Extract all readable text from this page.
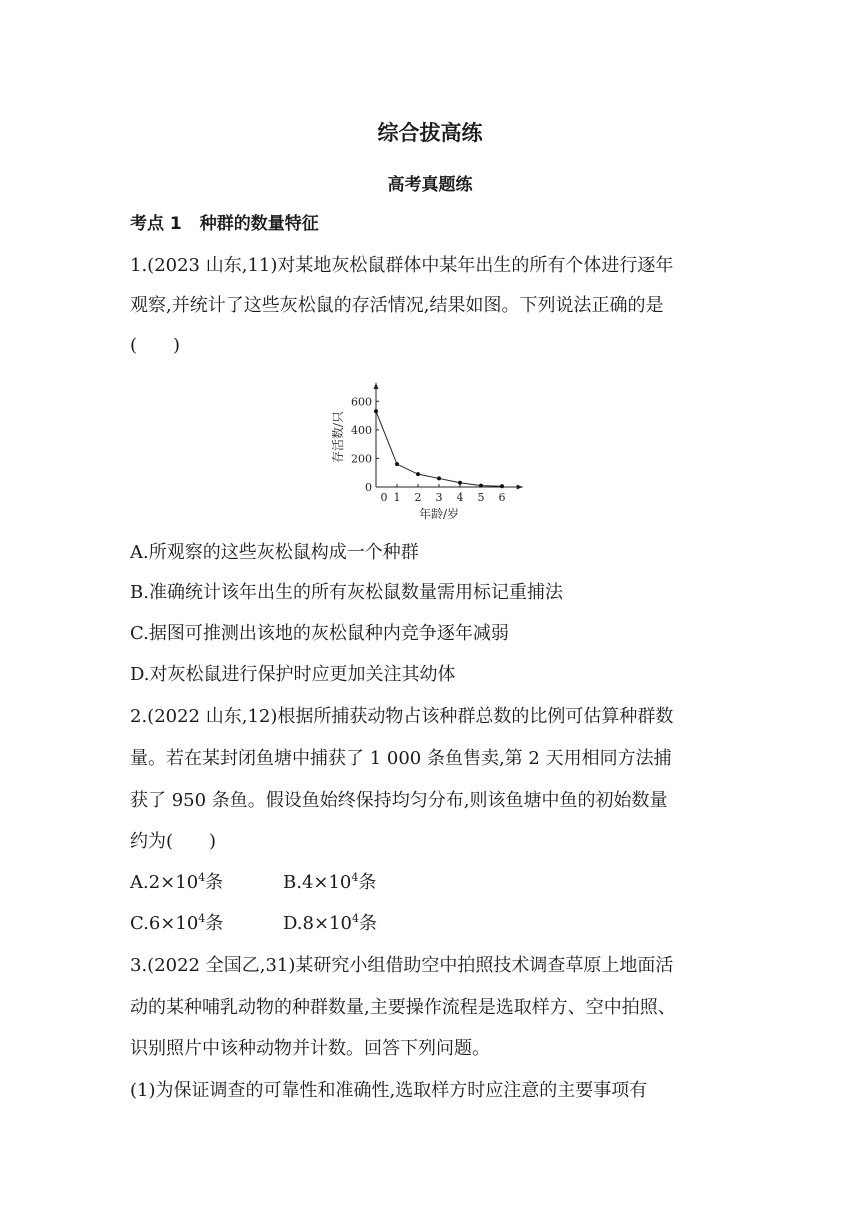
综合拔高练
高考真题练
考点 1 种群的数量特征
1.(2023 山东,11)对某地灰松鼠群体中某年出生的所有个体进行逐年
观察,并统计了这些灰松鼠的存活情况,结果如图。下列说法正确的是
(　　)
0
200
400
600
0 1 2 3 4 5 6
年龄/岁
存活数/只
A.所观察的这些灰松鼠构成一个种群
B.准确统计该年出生的所有灰松鼠数量需用标记重捕法
C.据图可推测出该地的灰松鼠种内竞争逐年减弱
D.对灰松鼠进行保护时应更加关注其幼体
2.(2022 山东,12)根据所捕获动物占该种群总数的比例可估算种群数
量。若在某封闭鱼塘中捕获了 1 000 条鱼售卖,第 2 天用相同方法捕
获了 950 条鱼。假设鱼始终保持均匀分布,则该鱼塘中鱼的初始数量
约为(　　)
$A.2\times 10^4$条	$B.4\times 10^4$条
$C.6\times 10^4$条	$D.8\times 10^4$条
3.(2022 全国乙,31)某研究小组借助空中拍照技术调查草原上地面活
动的某种哺乳动物的种群数量,主要操作流程是选取样方、空中拍照、
识别照片中该种动物并计数。回答下列问题。
(1)为保证调查的可靠性和准确性,选取样方时应注意的主要事项有
